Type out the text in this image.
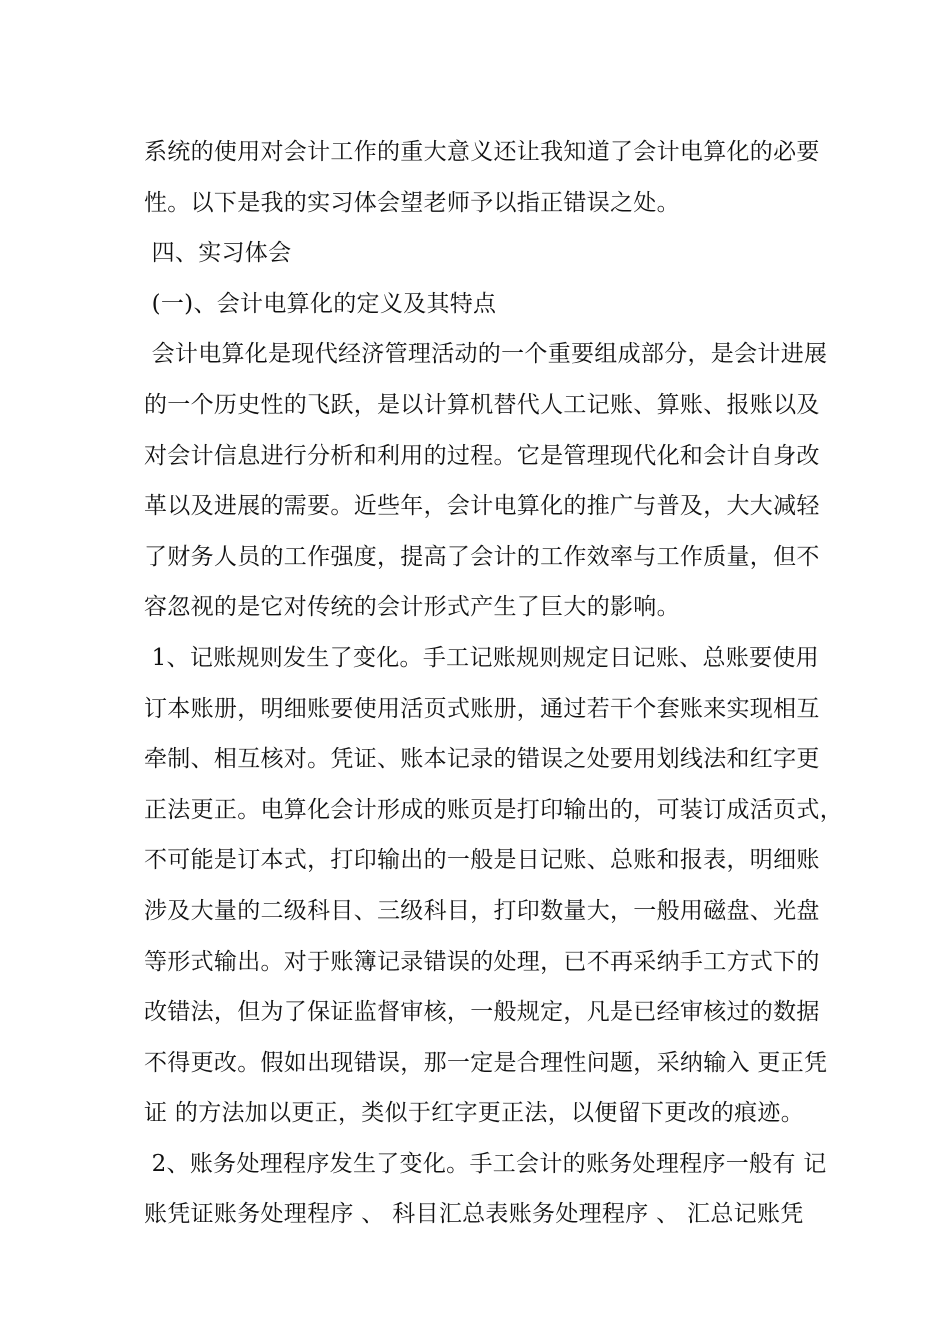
系统的使用对会计工作的重大意义还让我知道了会计电算化的必要
性。以下是我的实习体会望老师予以指正错误之处。
四、实习体会
(一)、会计电算化的定义及其特点
会计电算化是现代经济管理活动的一个重要组成部分，是会计进展
的一个历史性的飞跃，是以计算机替代人工记账、算账、报账以及
对会计信息进行分析和利用的过程。它是管理现代化和会计自身改
革以及进展的需要。近些年，会计电算化的推广与普及，大大减轻
了财务人员的工作强度，提高了会计的工作效率与工作质量，但不
容忽视的是它对传统的会计形式产生了巨大的影响。
1、记账规则发生了变化。手工记账规则规定日记账、总账要使用
订本账册，明细账要使用活页式账册，通过若干个套账来实现相互
牵制、相互核对。凭证、账本记录的错误之处要用划线法和红字更
正法更正。电算化会计形成的账页是打印输出的，可装订成活页式，
不可能是订本式，打印输出的一般是日记账、总账和报表，明细账
涉及大量的二级科目、三级科目，打印数量大，一般用磁盘、光盘
等形式输出。对于账簿记录错误的处理，已不再采纳手工方式下的
改错法，但为了保证监督审核，一般规定，凡是已经审核过的数据
不得更改。假如出现错误，那一定是合理性问题，采纳输入 更正凭
证 的方法加以更正，类似于红字更正法，以便留下更改的痕迹。
2、账务处理程序发生了变化。手工会计的账务处理程序一般有 记
账凭证账务处理程序 、 科目汇总表账务处理程序 、 汇总记账凭
